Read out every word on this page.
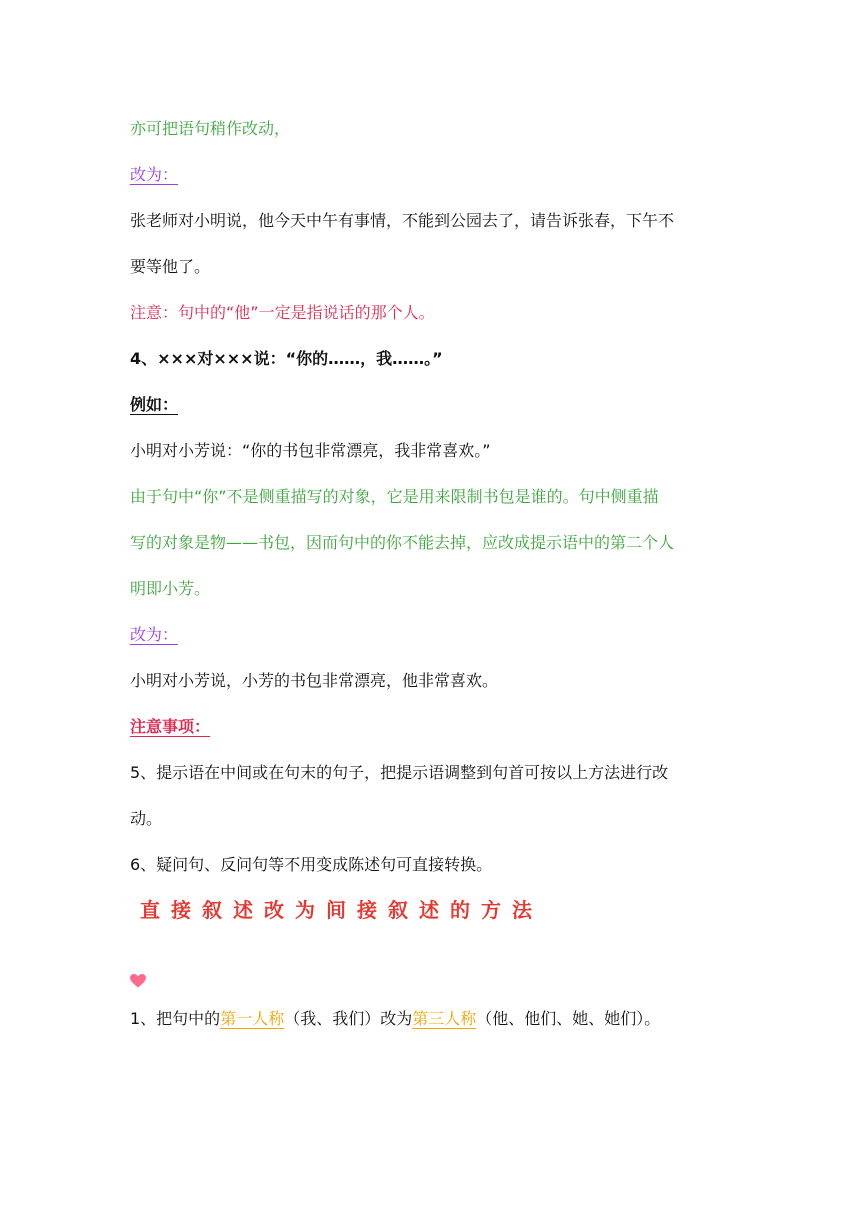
亦可把语句稍作改动，
改为：
张老师对小明说，他今天中午有事情，不能到公园去了，请告诉张春，下午不
要等他了。
注意：句中的“他”一定是指说话的那个人。
4、×××对×××说：“你的……，我……。”
例如：
小明对小芳说：“你的书包非常漂亮，我非常喜欢。”
由于句中“你”不是侧重描写的对象，它是用来限制书包是谁的。句中侧重描
写的对象是物——书包，因而句中的你不能去掉，应改成提示语中的第二个人
明即小芳。
改为：
小明对小芳说，小芳的书包非常漂亮，他非常喜欢。
注意事项：
5、提示语在中间或在句末的句子，把提示语调整到句首可按以上方法进行改
动。
6、疑问句、反问句等不用变成陈述句可直接转换。
直接叙述改为间接叙述的方法
1、把句中的第一人称（我、我们）改为第三人称（他、他们、她、她们）。
